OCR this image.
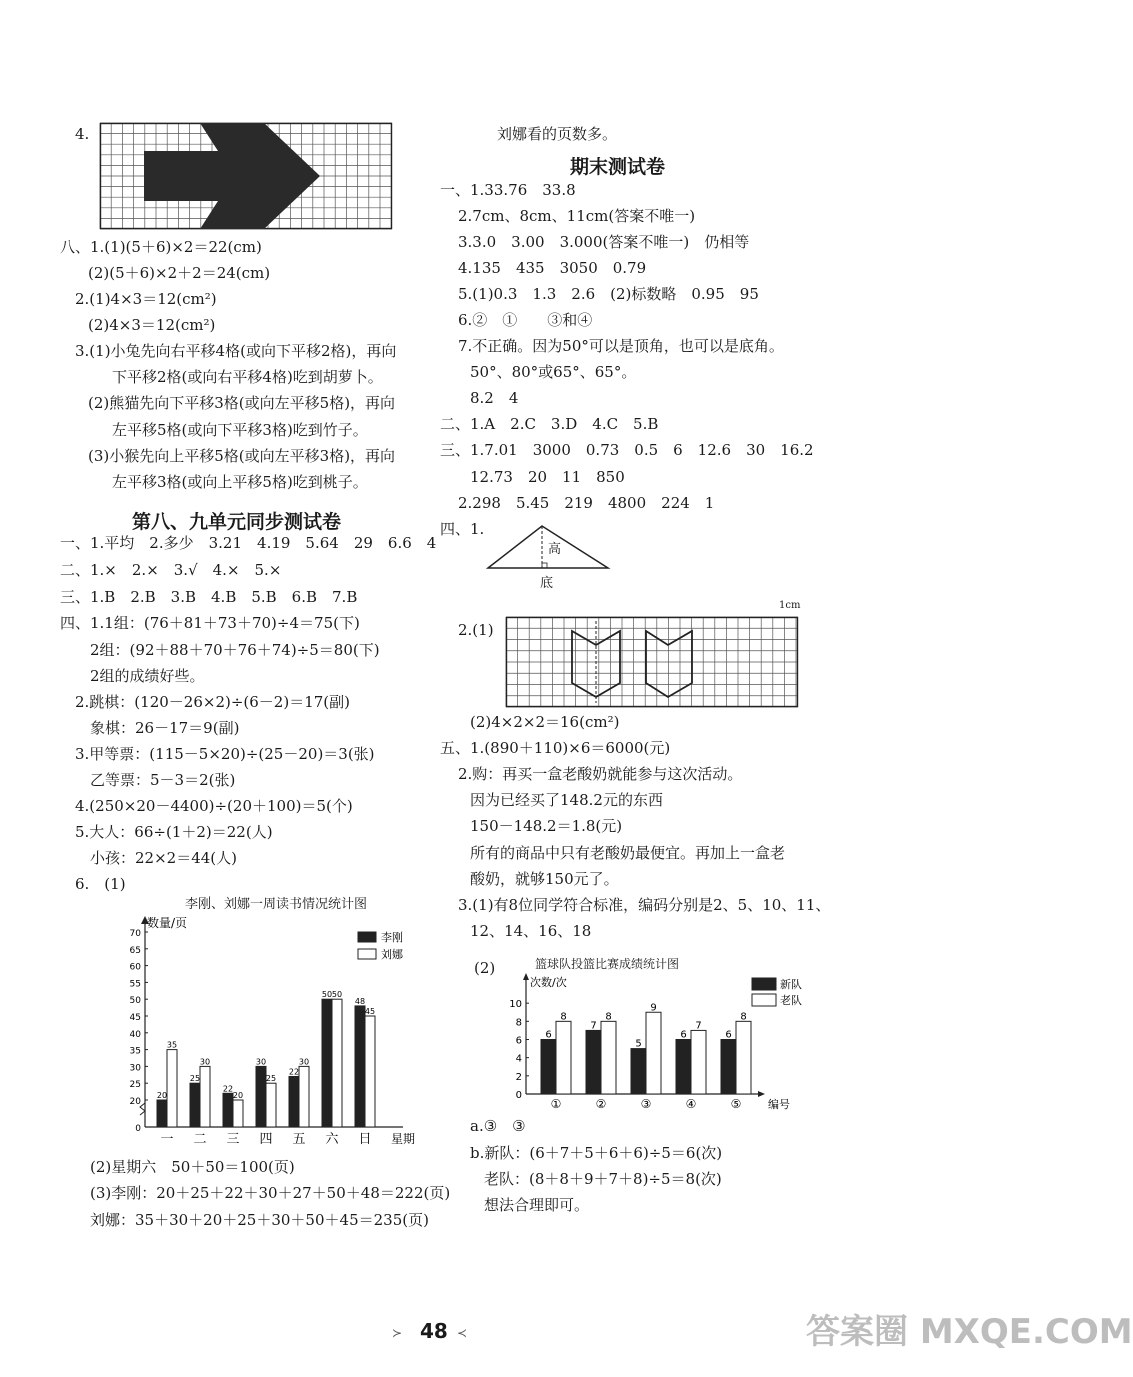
4.
八、1.(1)(5＋6)×2＝22(cm)
(2)(5＋6)×2＋2＝24(cm)
2.(1)4×3＝12(cm²)
(2)4×3＝12(cm²)
3.(1)小兔先向右平移4格(或向下平移2格)，再向
下平移2格(或向右平移4格)吃到胡萝卜。
(2)熊猫先向下平移3格(或向左平移5格)，再向
左平移5格(或向下平移3格)吃到竹子。
(3)小猴先向上平移5格(或向左平移3格)，再向
左平移3格(或向上平移5格)吃到桃子。
第八、九单元同步测试卷
一、1.平均　2.多少　3.21　4.19　5.64　29　6.6　4
二、1.×　2.×　3.√　4.×　5.×
三、1.B　2.B　3.B　4.B　5.B　6.B　7.B
四、1.1组：(76＋81＋73＋70)÷4＝75(下)
2组：(92＋88＋70＋76＋74)÷5＝80(下)
2组的成绩好些。
2.跳棋：(120－26×2)÷(6－2)＝17(副)
象棋：26－17＝9(副)
3.甲等票：(115－5×20)÷(25－20)＝3(张)
乙等票：5－3＝2(张)
4.(250×20－4400)÷(20＋100)＝5(个)
5.大人：66÷(1＋2)＝22(人)
小孩：22×2＝44(人)
6.　(1)
李刚、刘娜一周读书情况统计图
数量/页
0
20
25
30
35
40
45
50
55
60
65
70
20
35
一
25
30
二
22
20
三
30
25
四
22
30
五
50 50
六
48
45
日 星期
李刚
刘娜
(2)星期六　50＋50＝100(页)
(3)李刚：20＋25＋22＋30＋27＋50＋48＝222(页)
刘娜：35＋30＋20＋25＋30＋50＋45＝235(页)
刘娜看的页数多。
期末测试卷
一、1.33.76　33.8
2.7cm、8cm、11cm(答案不唯一)
3.3.0　3.00　3.000(答案不唯一)　仍相等
4.135　435　3050　0.79
5.(1)0.3　1.3　2.6　(2)标数略　0.95　95
6.②　①　　③和④
7.不正确。因为50°可以是顶角，也可以是底角。
50°、80°或65°、65°。
8.2　4
二、1.A　2.C　3.D　4.C　5.B
三、1.7.01　3000　0.73　0.5　6　12.6　30　16.2
12.73　20　11　850
2.298　5.45　219　4800　224　1
四、1.
高
底
2.(1)
1cm
(2)4×2×2＝16(cm²)
五、1.(890＋110)×6＝6000(元)
2.购：再买一盒老酸奶就能参与这次活动。
因为已经买了148.2元的东西
150－148.2＝1.8(元)
所有的商品中只有老酸奶最便宜。再加上一盒老
酸奶，就够150元了。
3.(1)有8位同学符合标准，编码分别是2、5、10、11、
12、14、16、18
(2)	篮球队投篮比赛成绩统计图
次数/次
0
2
4
6
8
10
6
8
①
7
8
②
5
9
③
6
7
④
6
8
⑤ 编号
新队
老队
a.③　③
b.新队：(6＋7＋5＋6＋6)÷5＝6(次)
老队：(8＋8＋9＋7＋8)÷5＝8(次)
想法合理即可。
≻ 48 ≺	答案圈 MXQE.COM
